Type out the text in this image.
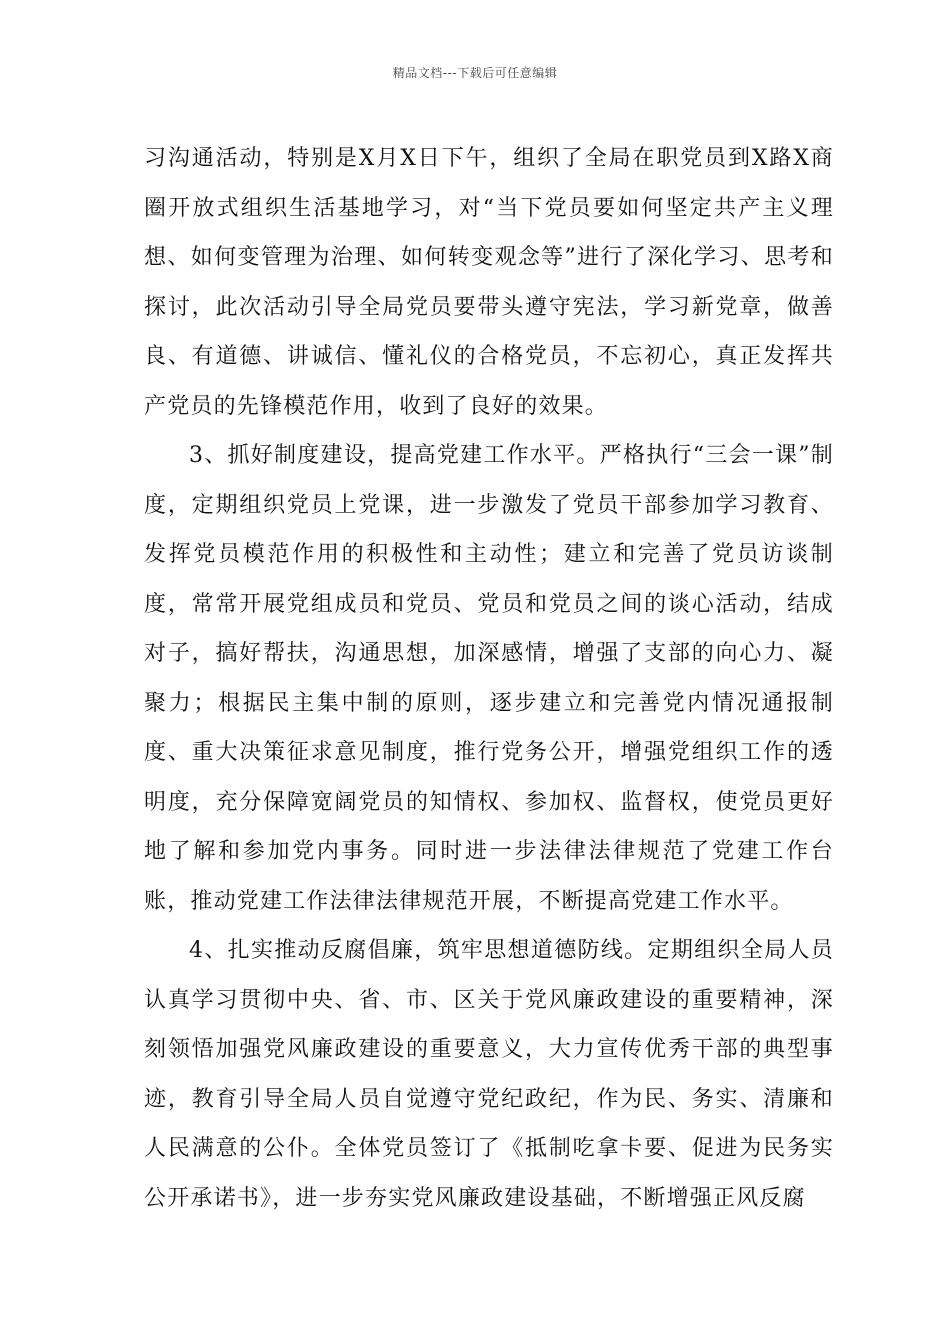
精品文档---下载后可任意编辑

习沟通活动，特别是X月X日下午，组织了全局在职党员到X路X商圈开放式组织生活基地学习，对“当下党员要如何坚定共产主义理想、如何变管理为治理、如何转变观念等”进行了深化学习、思考和探讨，此次活动引导全局党员要带头遵守宪法，学习新党章，做善良、有道德、讲诚信、懂礼仪的合格党员，不忘初心，真正发挥共产党员的先锋模范作用，收到了良好的效果。

3、抓好制度建设，提高党建工作水平。严格执行“三会一课”制度，定期组织党员上党课，进一步激发了党员干部参加学习教育、发挥党员模范作用的积极性和主动性；建立和完善了党员访谈制度，常常开展党组成员和党员、党员和党员之间的谈心活动，结成对子，搞好帮扶，沟通思想，加深感情，增强了支部的向心力、凝聚力；根据民主集中制的原则，逐步建立和完善党内情况通报制度、重大决策征求意见制度，推行党务公开，增强党组织工作的透明度，充分保障宽阔党员的知情权、参加权、监督权，使党员更好地了解和参加党内事务。同时进一步法律法律规范了党建工作台账，推动党建工作法律法律规范开展，不断提高党建工作水平。

4、扎实推动反腐倡廉，筑牢思想道德防线。定期组织全局人员认真学习贯彻中央、省、市、区关于党风廉政建设的重要精神，深刻领悟加强党风廉政建设的重要意义，大力宣传优秀干部的典型事迹，教育引导全局人员自觉遵守党纪政纪，作为民、务实、清廉和人民满意的公仆。全体党员签订了《抵制吃拿卡要、促进为民务实公开承诺书》，进一步夯实党风廉政建设基础，不断增强正风反腐
